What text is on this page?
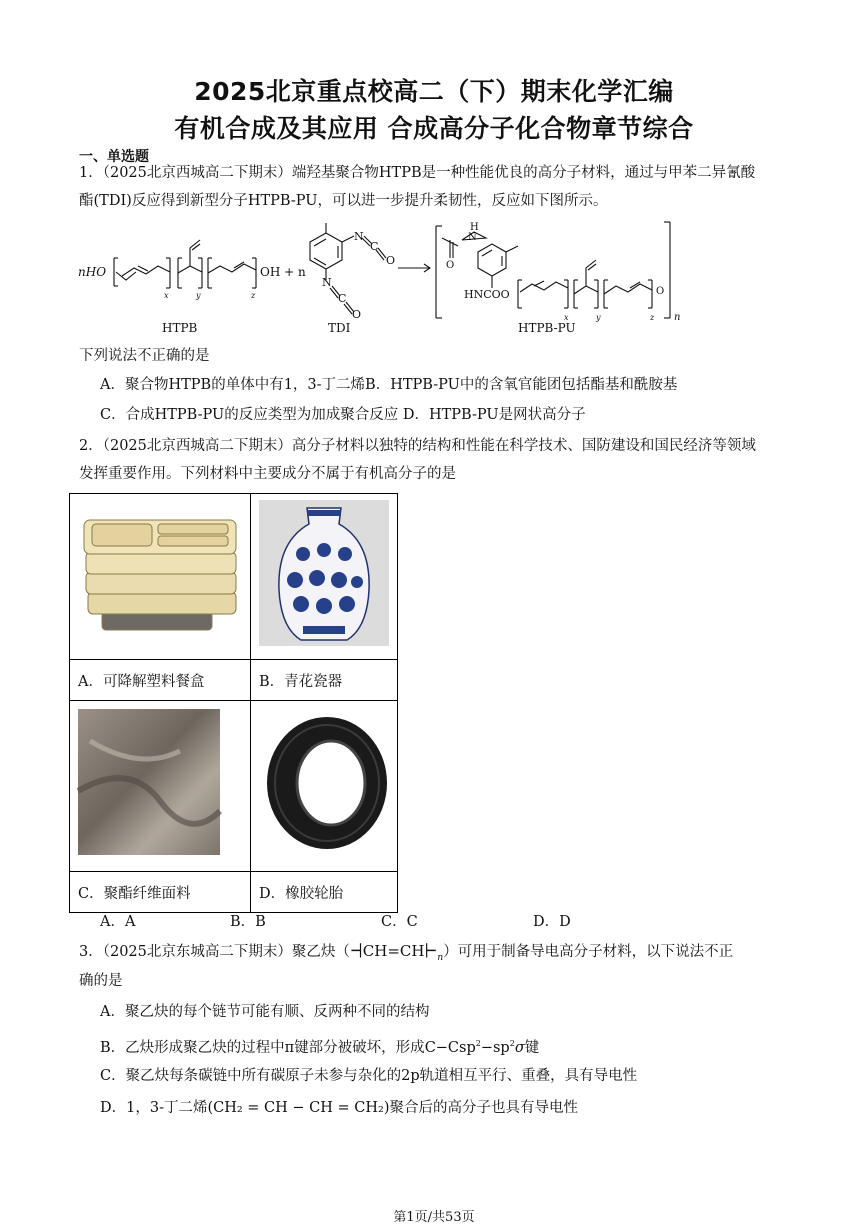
2025北京重点校高二（下）期末化学汇编
有机合成及其应用 合成高分子化合物章节综合
一、单选题
1．（2025北京西城高二下期末）端羟基聚合物HTPB是一种性能优良的高分子材料，通过与甲苯二异氰酸
酯(TDI)反应得到新型分子HTPB-PU，可以进一步提升柔韧性，反应如下图所示。
nHO	OH + n
x	y	z
N
C
O
N
C
O
H
N
O
HNCOO	O
x	y	z n
HTPB	TDI	HTPB-PU
下列说法不正确的是
A．聚合物HTPB的单体中有1，3-丁二烯B．HTPB-PU中的含氧官能团包括酯基和酰胺基
C．合成HTPB-PU的反应类型为加成聚合反应 D．HTPB-PU是网状高分子
2．（2025北京西城高二下期末）高分子材料以独特的结构和性能在科学技术、国防建设和国民经济等领域
发挥重要作用。下列材料中主要成分不属于有机高分子的是

A．可降解塑料餐盒	B．青花瓷器

C．聚酯纤维面料	D．橡胶轮胎
A．A	B．B	C．C	D．D
3．（2025北京东城高二下期末）聚乙炔$(⊣CH=CH⊢_n)$可用于制备导电高分子材料，以下说法不正
确的是
A．聚乙炔的每个链节可能有顺、反两种不同的结构
B．乙炔形成聚乙炔的过程中π键部分被破坏，形成$C-Csp^2-sp^2\sigma$键
C．聚乙炔每条碳链中所有碳原子未参与杂化的2p轨道相互平行、重叠，具有导电性
D．1，3-丁二烯(CH₂ = CH − CH = CH₂)聚合后的高分子也具有导电性
第1页/共53页
